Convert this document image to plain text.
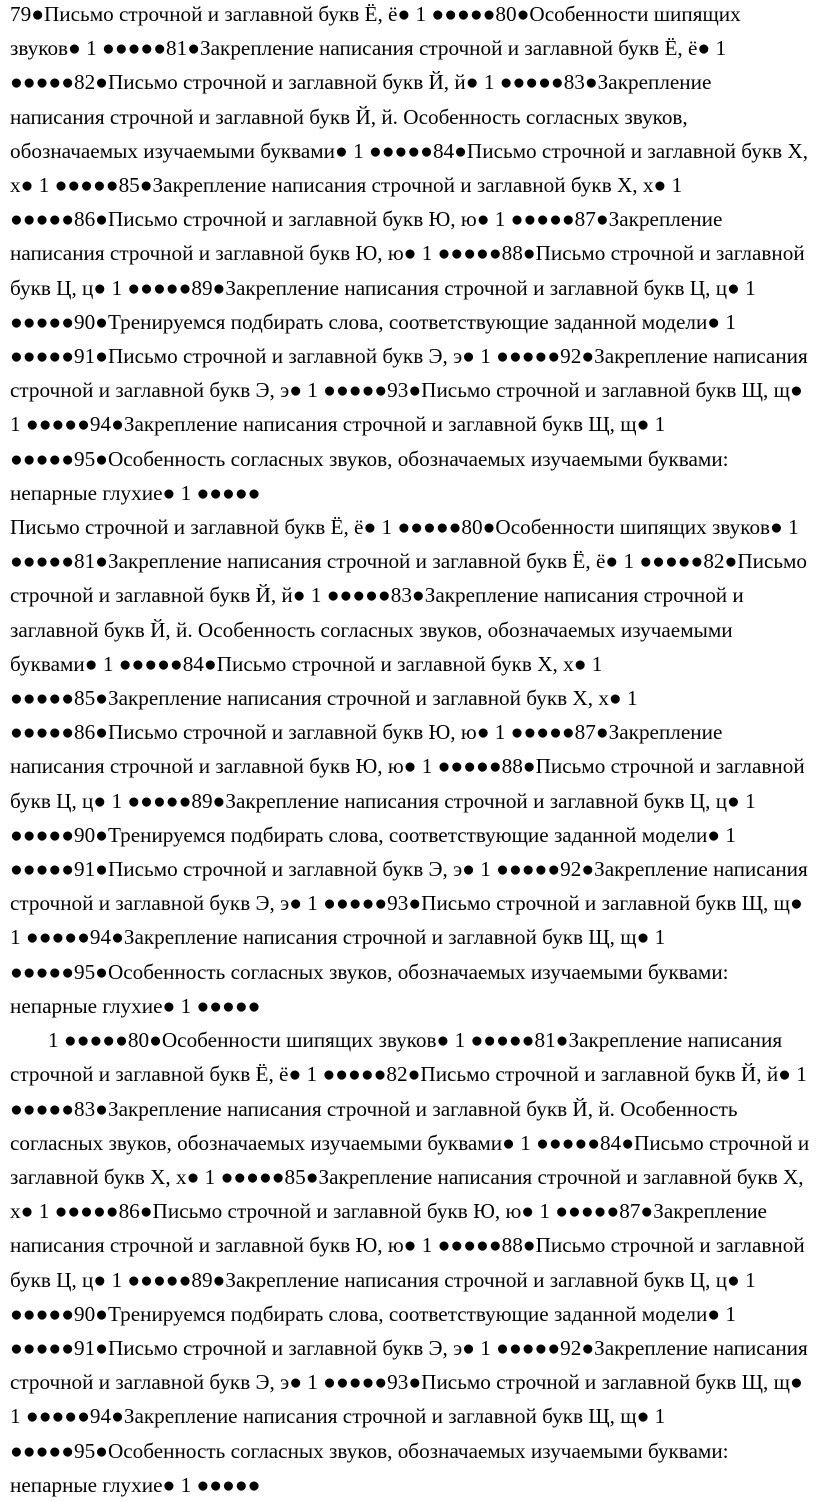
79●Письмо строчной и заглавной букв Ё, ё● 1 ●●●●●80●Особенности шипящих звуков● 1 ●●●●●81●Закрепление написания строчной и заглавной букв Ё, ё● 1 ●●●●●82●Письмо строчной и заглавной букв Й, й● 1 ●●●●●83●Закрепление написания строчной и заглавной букв Й, й. Особенность согласных звуков, обозначаемых изучаемыми буквами● 1 ●●●●●84●Письмо строчной и заглавной букв Х, х● 1 ●●●●●85●Закрепление написания строчной и заглавной букв Х, х● 1 ●●●●●86●Письмо строчной и заглавной букв Ю, ю● 1 ●●●●●87●Закрепление написания строчной и заглавной букв Ю, ю● 1 ●●●●●88●Письмо строчной и заглавной букв Ц, ц● 1 ●●●●●89●Закрепление написания строчной и заглавной букв Ц, ц● 1 ●●●●●90●Тренируемся подбирать слова, соответствующие заданной модели● 1 ●●●●●91●Письмо строчной и заглавной букв Э, э● 1 ●●●●●92●Закрепление написания строчной и заглавной букв Э, э● 1 ●●●●●93●Письмо строчной и заглавной букв Щ, щ● 1 ●●●●●94●Закрепление написания строчной и заглавной букв Щ, щ● 1 ●●●●●95●Особенность согласных звуков, обозначаемых изучаемыми буквами: непарные глухие● 1 ●●●●●

Письмо строчной и заглавной букв Ё, ё● 1 ●●●●●80●Особенности шипящих звуков● 1 ●●●●●81●Закрепление написания строчной и заглавной букв Ё, ё● 1 ●●●●●82●Письмо строчной и заглавной букв Й, й● 1 ●●●●●83●Закрепление написания строчной и заглавной букв Й, й. Особенность согласных звуков, обозначаемых изучаемыми буквами● 1 ●●●●●84●Письмо строчной и заглавной букв Х, х● 1 ●●●●●85●Закрепление написания строчной и заглавной букв Х, х● 1 ●●●●●86●Письмо строчной и заглавной букв Ю, ю● 1 ●●●●●87●Закрепление написания строчной и заглавной букв Ю, ю● 1 ●●●●●88●Письмо строчной и заглавной букв Ц, ц● 1 ●●●●●89●Закрепление написания строчной и заглавной букв Ц, ц● 1 ●●●●●90●Тренируемся подбирать слова, соответствующие заданной модели● 1 ●●●●●91●Письмо строчной и заглавной букв Э, э● 1 ●●●●●92●Закрепление написания строчной и заглавной букв Э, э● 1 ●●●●●93●Письмо строчной и заглавной букв Щ, щ● 1 ●●●●●94●Закрепление написания строчной и заглавной букв Щ, щ● 1 ●●●●●95●Особенность согласных звуков, обозначаемых изучаемыми буквами: непарные глухие● 1 ●●●●●

1 ●●●●●80●Особенности шипящих звуков● 1 ●●●●●81●Закрепление написания строчной и заглавной букв Ё, ё● 1 ●●●●●82●Письмо строчной и заглавной букв Й, й● 1 ●●●●●83●Закрепление написания строчной и заглавной букв Й, й. Особенность согласных звуков, обозначаемых изучаемыми буквами● 1 ●●●●●84●Письмо строчной и заглавной букв Х, х● 1 ●●●●●85●Закрепление написания строчной и заглавной букв Х, х● 1 ●●●●●86●Письмо строчной и заглавной букв Ю, ю● 1 ●●●●●87●Закрепление написания строчной и заглавной букв Ю, ю● 1 ●●●●●88●Письмо строчной и заглавной букв Ц, ц● 1 ●●●●●89●Закрепление написания строчной и заглавной букв Ц, ц● 1 ●●●●●90●Тренируемся подбирать слова, соответствующие заданной модели● 1 ●●●●●91●Письмо строчной и заглавной букв Э, э● 1 ●●●●●92●Закрепление написания строчной и заглавной букв Э, э● 1 ●●●●●93●Письмо строчной и заглавной букв Щ, щ● 1 ●●●●●94●Закрепление написания строчной и заглавной букв Щ, щ● 1 ●●●●●95●Особенность согласных звуков, обозначаемых изучаемыми буквами: непарные глухие● 1 ●●●●●
